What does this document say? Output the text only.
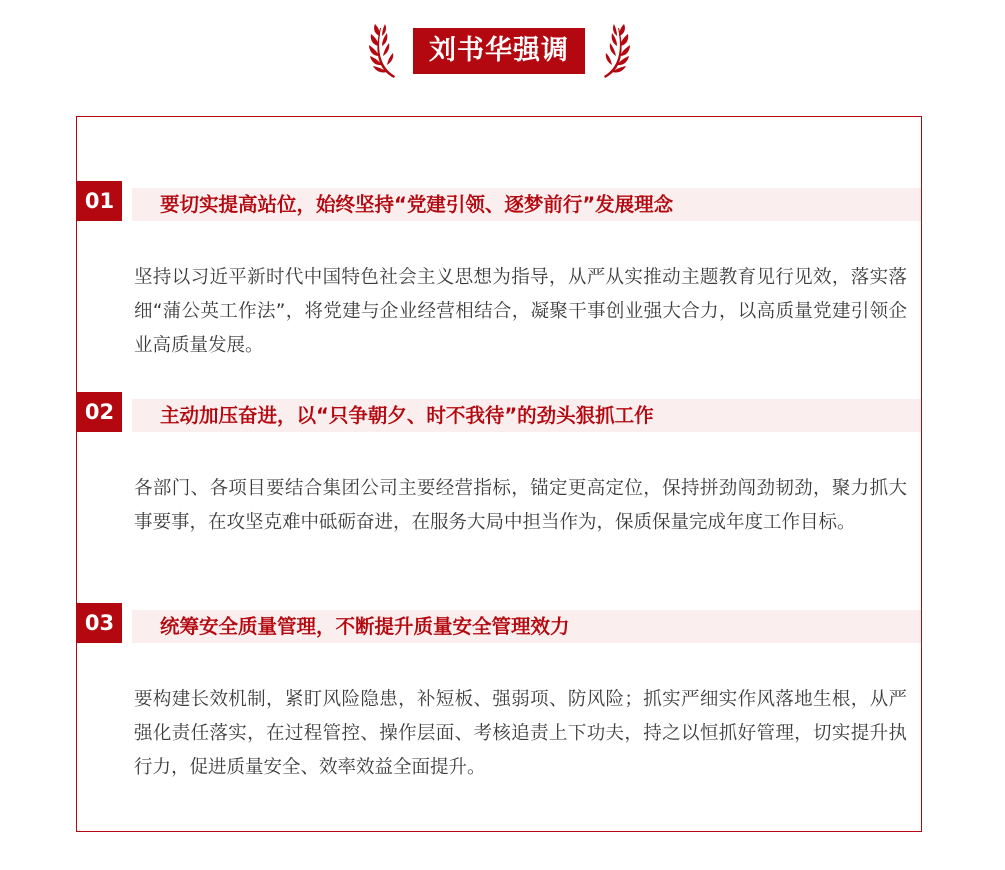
刘书华强调
01	要切实提高站位，始终坚持“党建引领、逐梦前行”发展理念
坚持以习近平新时代中国特色社会主义思想为指导，从严从实推动主题教育见行见效，落实落细“蒲公英工作法”，将党建与企业经营相结合，凝聚干事创业强大合力，以高质量党建引领企业高质量发展。
02	主动加压奋进，以“只争朝夕、时不我待”的劲头狠抓工作
各部门、各项目要结合集团公司主要经营指标，锚定更高定位，保持拼劲闯劲韧劲，聚力抓大事要事，在攻坚克难中砥砺奋进，在服务大局中担当作为，保质保量完成年度工作目标。
03	统筹安全质量管理，不断提升质量安全管理效力
要构建长效机制，紧盯风险隐患，补短板、强弱项、防风险；抓实严细实作风落地生根，从严强化责任落实，在过程管控、操作层面、考核追责上下功夫，持之以恒抓好管理，切实提升执行力，促进质量安全、效率效益全面提升。
